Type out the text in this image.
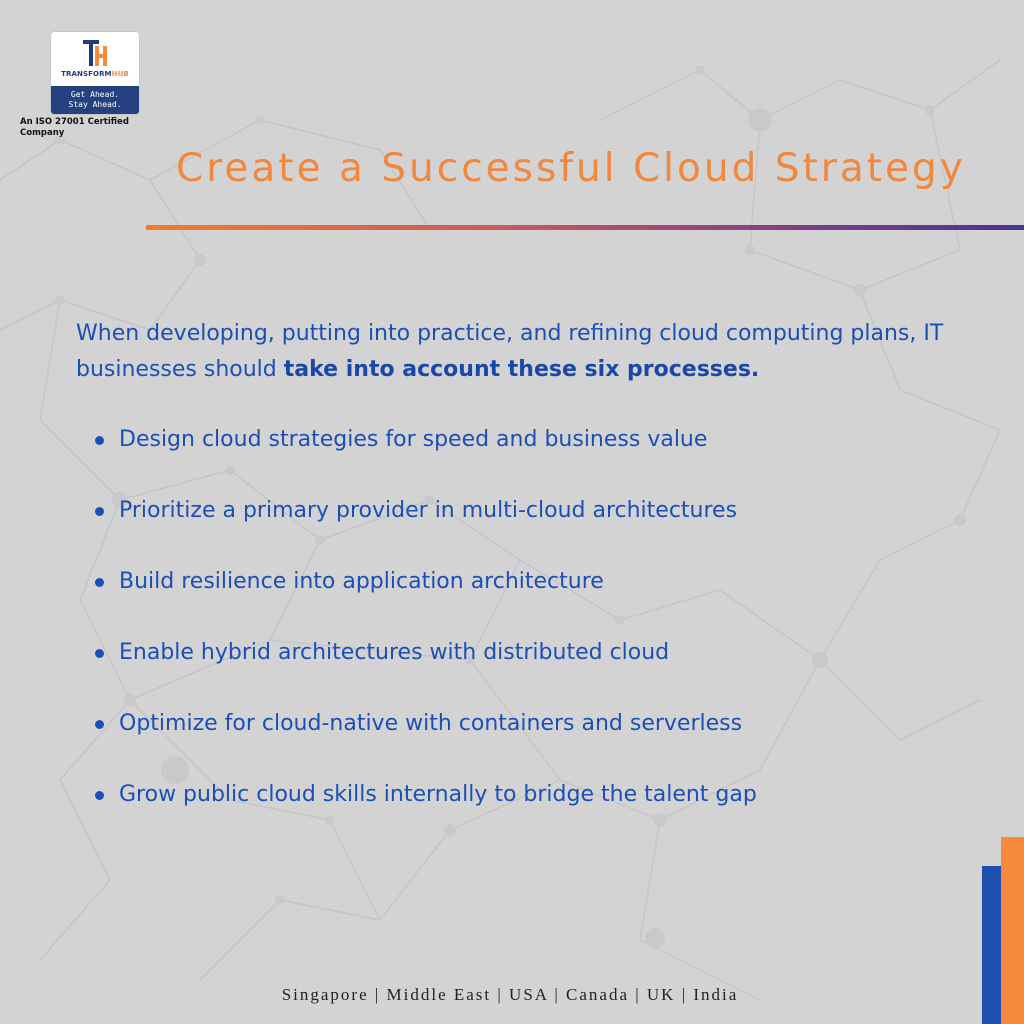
TRANSFORMHUB
Get Ahead.
Stay Ahead.
An ISO 27001 Certified Company
Create a Successful Cloud Strategy

When developing, putting into practice, and refining cloud computing plans, IT businesses should take into account these six processes.

Design cloud strategies for speed and business value
Prioritize a primary provider in multi-cloud architectures
Build resilience into application architecture
Enable hybrid architectures with distributed cloud
Optimize for cloud-native with containers and serverless
Grow public cloud skills internally to bridge the talent gap
Singapore | Middle East | USA | Canada | UK | India
